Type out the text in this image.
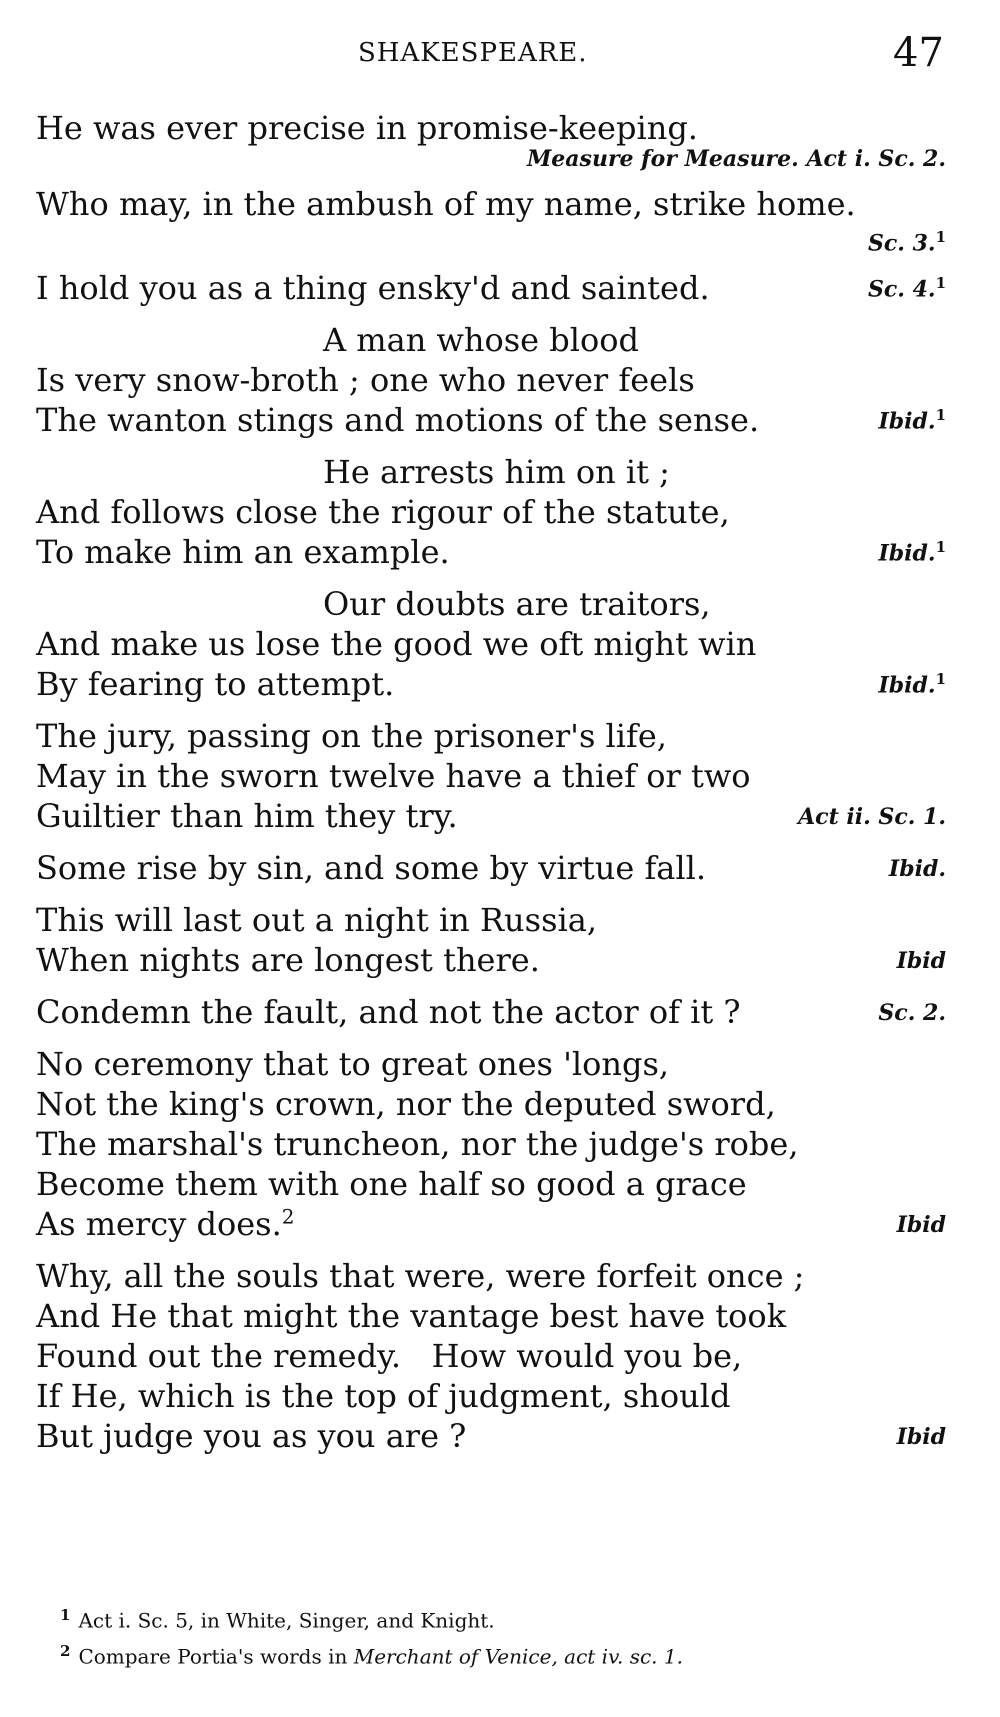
SHAKESPEARE.	47
He was ever precise in promise-keeping.
Measure for Measure. Act i. Sc. 2.
Who may, in the ambush of my name, strike home.
Sc. 3.$^1$
I hold you as a thing ensky'd and sainted.	Sc. 4.$^1$
A man whose blood
Is very snow-broth ; one who never feels
The wanton stings and motions of the sense.	Ibid.$^1$
He arrests him on it ;
And follows close the rigour of the statute,
To make him an example.	Ibid.$^1$
Our doubts are traitors,
And make us lose the good we oft might win
By fearing to attempt.	Ibid.$^1$
The jury, passing on the prisoner's life,
May in the sworn twelve have a thief or two
Guiltier than him they try.	Act ii. Sc. 1.
Some rise by sin, and some by virtue fall.	Ibid.
This will last out a night in Russia,
When nights are longest there.	Ibid
Condemn the fault, and not the actor of it ?	Sc. 2.
No ceremony that to great ones 'longs,
Not the king's crown, nor the deputed sword,
The marshal's truncheon, nor the judge's robe,
Become them with one half so good a grace
As mercy does.$^2$	Ibid
Why, all the souls that were, were forfeit once ;
And He that might the vantage best have took
Found out the remedy.   How would you be,
If He, which is the top of judgment, should
But judge you as you are ?	Ibid
$^1$ Act i. Sc. 5, in White, Singer, and Knight.
$^2$ Compare Portia's words in Merchant of Venice, act iv. sc. 1.
